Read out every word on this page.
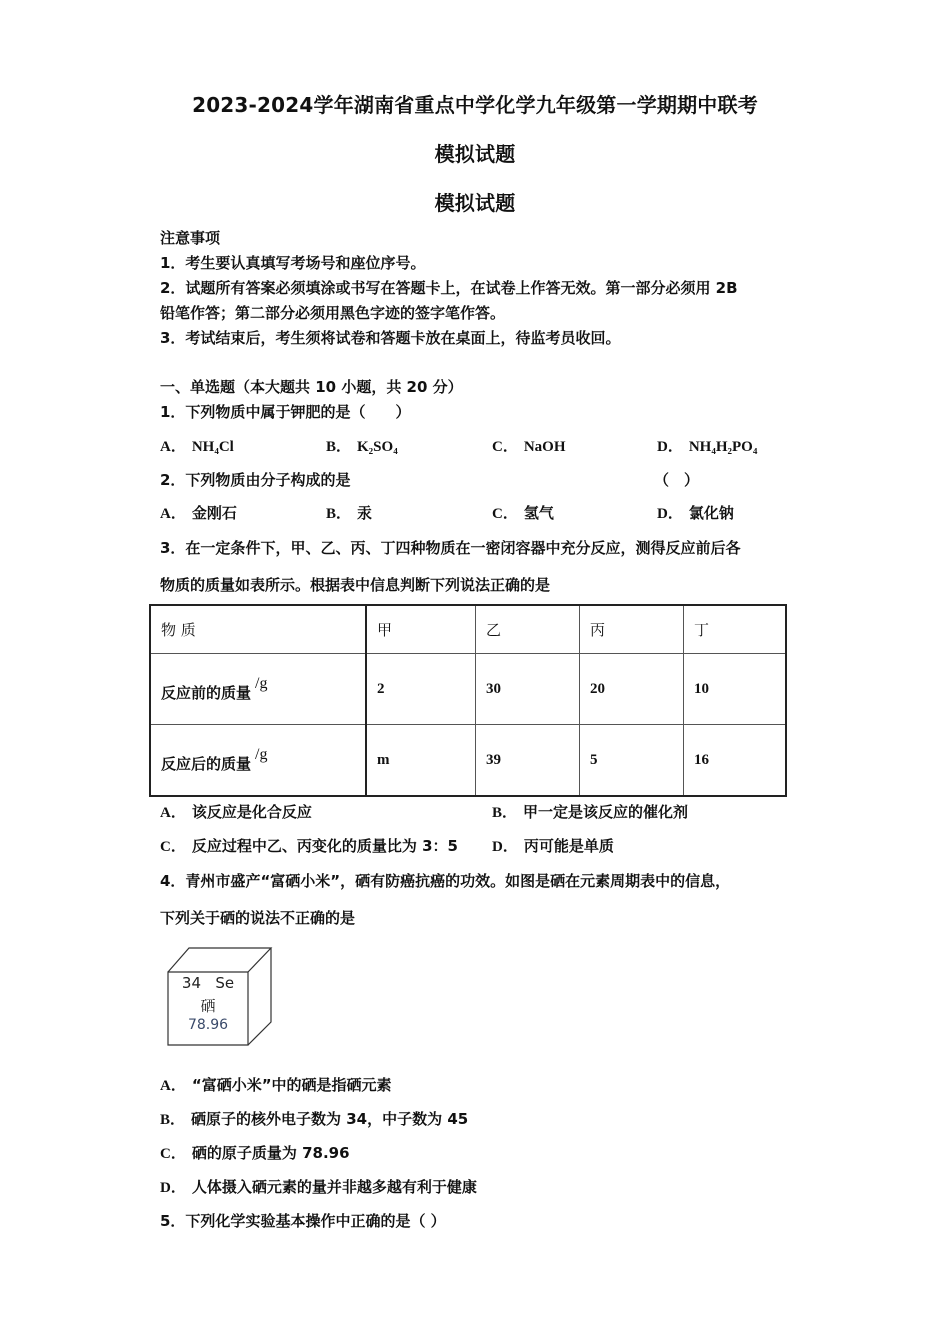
2023-2024学年湖南省重点中学化学九年级第一学期期中联考
模拟试题
模拟试题
注意事项
1．考生要认真填写考场号和座位序号。
2．试题所有答案必须填涂或书写在答题卡上，在试卷上作答无效。第一部分必须用 2B
铅笔作答；第二部分必须用黑色字迹的签字笔作答。
3．考试结束后，考生须将试卷和答题卡放在桌面上，待监考员收回。
一、单选题（本大题共 10 小题，共 20 分）
1．下列物质中属于钾肥的是（　　）
A． NH₄Cl	B． K₂SO₄	C． NaOH	D． NH₄H₂PO₄
2．下列物质由分子构成的是	（　）
A． 金刚石	B． 汞	C． 氢气	D． 氯化钠
3．在一定条件下，甲、乙、丙、丁四种物质在一密闭容器中充分反应，测得反应前后各
物质的质量如表所示。根据表中信息判断下列说法正确的是
物 质	甲	乙	丙	丁
反应前的质量/g	2	30	20	10
反应后的质量/g	m	39	5	16
A． 该反应是化合反应	B． 甲一定是该反应的催化剂
C． 反应过程中乙、丙变化的质量比为 3：5 D． 丙可能是单质
4．青州市盛产“富硒小米”，硒有防癌抗癌的功效。如图是硒在元素周期表中的信息，
下列关于硒的说法不正确的是
34 Se
硒
78.96
A． “富硒小米”中的硒是指硒元素
B． 硒原子的核外电子数为 34，中子数为 45
C． 硒的原子质量为 78.96
D． 人体摄入硒元素的量并非越多越有利于健康
5．下列化学实验基本操作中正确的是（ ）
